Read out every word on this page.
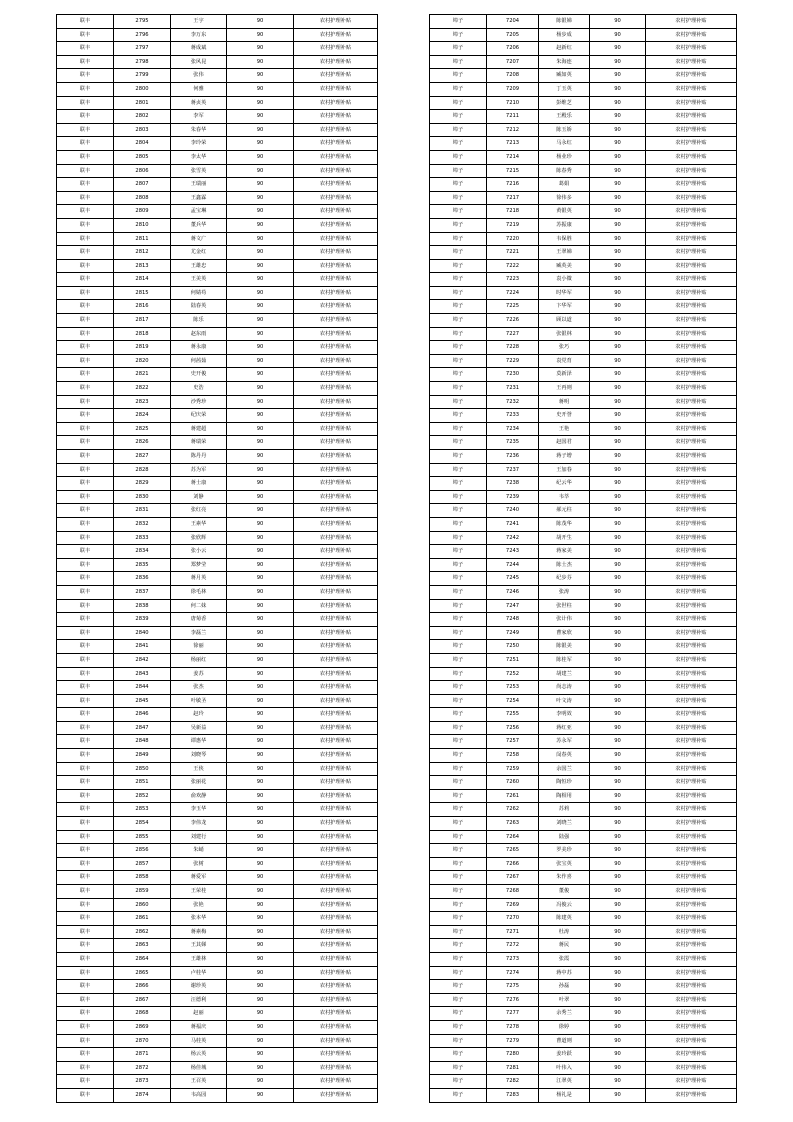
联丰	2795	王宇	90	农村护理补贴
联丰	2796	李万东	90	农村护理补贴
联丰	2797	蒋成斌	90	农村护理补贴
联丰	2798	张风昆	90	农村护理补贴
联丰	2799	张伟	90	农村护理补贴
联丰	2800	何雅	90	农村护理补贴
联丰	2801	蒋贞英	90	农村护理补贴
联丰	2802	李军	90	农村护理补贴
联丰	2803	朱春华	90	农村护理补贴
联丰	2804	李玲荣	90	农村护理补贴
联丰	2805	李太华	90	农村护理补贴
联丰	2806	张雪英	90	农村护理补贴
联丰	2807	王瑞丽	90	农村护理补贴
联丰	2808	王鑫霖	90	农村护理补贴
联丰	2809	孟宝琳	90	农村护理补贴
联丰	2810	董兵华	90	农村护理补贴
联丰	2811	蒋文广	90	农村护理补贴
联丰	2812	尤金红	90	农村护理补贴
联丰	2813	王雄忠	90	农村护理补贴
联丰	2814	王美英	90	农村护理补贴
联丰	2815	何婧苟	90	农村护理补贴
联丰	2816	陆春英	90	农村护理补贴
联丰	2817	陈乐	90	农村护理补贴
联丰	2818	赵东雨	90	农村护理补贴
联丰	2819	蒋永康	90	农村护理补贴
联丰	2820	何茜茹	90	农村护理补贴
联丰	2821	史开俊	90	农村护理补贴
联丰	2822	史浩	90	农村护理补贴
联丰	2823	沙秀珍	90	农村护理补贴
联丰	2824	纪庆荣	90	农村护理补贴
联丰	2825	蒋建超	90	农村护理补贴
联丰	2826	蒋瑞荣	90	农村护理补贴
联丰	2827	陈丹丹	90	农村护理补贴
联丰	2828	苏为军	90	农村护理补贴
联丰	2829	蒋士康	90	农村护理补贴
联丰	2830	刘静	90	农村护理补贴
联丰	2831	张红亮	90	农村护理补贴
联丰	2832	王素华	90	农村护理补贴
联丰	2833	张欣辉	90	农村护理补贴
联丰	2834	张小云	90	农村护理补贴
联丰	2835	郑梦莹	90	农村护理补贴
联丰	2836	蒋月英	90	农村护理补贴
联丰	2837	徐毛林	90	农村护理补贴
联丰	2838	何二妹	90	农村护理补贴
联丰	2839	唐菊香	90	农村护理补贴
联丰	2840	李磊兰	90	农村护理补贴
联丰	2841	徐丽	90	农村护理补贴
联丰	2842	杨丽红	90	农村护理补贴
联丰	2843	姜苏	90	农村护理补贴
联丰	2844	张杰	90	农村护理补贴
联丰	2845	叶敏圣	90	农村护理补贴
联丰	2846	赵玲	90	农村护理补贴
联丰	2847	吴新益	90	农村护理补贴
联丰	2848	谭惠华	90	农村护理补贴
联丰	2849	刘晓琴	90	农村护理补贴
联丰	2850	王侠	90	农村护理补贴
联丰	2851	张丽花	90	农村护理补贴
联丰	2852	俞欢静	90	农村护理补贴
联丰	2853	李玉华	90	农村护理补贴
联丰	2854	李伟龙	90	农村护理补贴
联丰	2855	刘建行	90	农村护理补贴
联丰	2856	朱峭	90	农村护理补贴
联丰	2857	张树	90	农村护理补贴
联丰	2858	蒋爱军	90	农村护理补贴
联丰	2859	王荣桂	90	农村护理补贴
联丰	2860	张艳	90	农村护理补贴
联丰	2861	张本华	90	农村护理补贴
联丰	2862	蒋素梅	90	农村护理补贴
联丰	2863	王其娣	90	农村护理补贴
联丰	2864	王雄林	90	农村护理补贴
联丰	2865	卢桂华	90	农村护理补贴
联丰	2866	谢珍英	90	农村护理补贴
联丰	2867	汪德利	90	农村护理补贴
联丰	2868	赵丽	90	农村护理补贴
联丰	2869	蒋福庆	90	农村护理补贴
联丰	2870	马桂英	90	农村护理补贴
联丰	2871	杨云英	90	农村护理补贴
联丰	2872	杨佳城	90	农村护理补贴
联丰	2873	王召英	90	农村护理补贴
联丰	2874	韦高园	90	农村护理补贴
埠子	7204	陈银娣	90	农村护理补贴
埠子	7205	杨步成	90	农村护理补贴
埠子	7206	赵新红	90	农村护理补贴
埠子	7207	朱海连	90	农村护理补贴
埠子	7208	臧如英	90	农村护理补贴
埠子	7209	丁玉英	90	农村护理补贴
埠子	7210	彭维芝	90	农村护理补贴
埠子	7211	王殿乐	90	农村护理补贴
埠子	7212	陈玉娇	90	农村护理补贴
埠子	7213	马永红	90	农村护理补贴
埠子	7214	杨业珍	90	农村护理补贴
埠子	7215	陈春秀	90	农村护理补贴
埠子	7216	葛娟	90	农村护理补贴
埠子	7217	徐伟多	90	农村护理补贴
埠子	7218	黄银英	90	农村护理补贴
埠子	7219	苏振康	90	农村护理补贴
埠子	7220	韦保胜	90	农村护理补贴
埠子	7221	王翠娣	90	农村护理补贴
埠子	7222	臧英美	90	农村护理补贴
埠子	7223	袁小微	90	农村护理补贴
埠子	7224	时华军	90	农村护理补贴
埠子	7225	卞华军	90	农村护理补贴
埠子	7226	顾以道	90	农村护理补贴
埠子	7227	张银林	90	农村护理补贴
埠子	7228	张巧	90	农村护理补贴
埠子	7229	袁党育	90	农村护理补贴
埠子	7230	莫新泽	90	农村护理补贴
埠子	7231	王再则	90	农村护理补贴
埠子	7232	蒋明	90	农村护理补贴
埠子	7233	史开誉	90	农村护理补贴
埠子	7234	王艳	90	农村护理补贴
埠子	7235	赵国君	90	农村护理补贴
埠子	7236	蒋子增	90	农村护理补贴
埠子	7237	王加春	90	农村护理补贴
埠子	7238	纪云华	90	农村护理补贴
埠子	7239	韦萃	90	农村护理补贴
埠子	7240	郝元柱	90	农村护理补贴
埠子	7241	陈茂华	90	农村护理补贴
埠子	7242	胡开生	90	农村护理补贴
埠子	7243	蒋家美	90	农村护理补贴
埠子	7244	陈士杰	90	农村护理补贴
埠子	7245	纪步芬	90	农村护理补贴
埠子	7246	张涛	90	农村护理补贴
埠子	7247	张世柱	90	农村护理补贴
埠子	7248	张计伟	90	农村护理补贴
埠子	7249	曹家欣	90	农村护理补贴
埠子	7250	陈银美	90	农村护理补贴
埠子	7251	陈桂军	90	农村护理补贴
埠子	7252	胡建兰	90	农村护理补贴
埠子	7253	尚志涛	90	农村护理补贴
埠子	7254	叶文涛	90	农村护理补贴
埠子	7255	李明效	90	农村护理补贴
埠子	7256	蒋红亚	90	农村护理补贴
埠子	7257	苏永军	90	农村护理补贴
埠子	7258	闵春英	90	农村护理补贴
埠子	7259	余国兰	90	农村护理补贴
埠子	7260	陶恒珍	90	农村护理补贴
埠子	7261	陶相用	90	农村护理补贴
埠子	7262	苏莉	90	农村护理补贴
埠子	7263	刘晓兰	90	农村护理补贴
埠子	7264	陆强	90	农村护理补贴
埠子	7265	罗美珍	90	农村护理补贴
埠子	7266	张宝英	90	农村护理补贴
埠子	7267	朱作喜	90	农村护理补贴
埠子	7268	董俊	90	农村护理补贴
埠子	7269	冯俊云	90	农村护理补贴
埠子	7270	陈建英	90	农村护理补贴
埠子	7271	杜涛	90	农村护理补贴
埠子	7272	蒋民	90	农村护理补贴
埠子	7273	张霞	90	农村护理补贴
埠子	7274	蒋中苏	90	农村护理补贴
埠子	7275	孙磊	90	农村护理补贴
埠子	7276	叶翠	90	农村护理补贴
埠子	7277	余秀兰	90	农村护理补贴
埠子	7278	徐婷	90	农村护理补贴
埠子	7279	曹道则	90	农村护理补贴
埠子	7280	姜玲跃	90	农村护理补贴
埠子	7281	叶伟入	90	农村护理补贴
埠子	7282	江翠英	90	农村护理补贴
埠子	7283	杨礼是	90	农村护理补贴
